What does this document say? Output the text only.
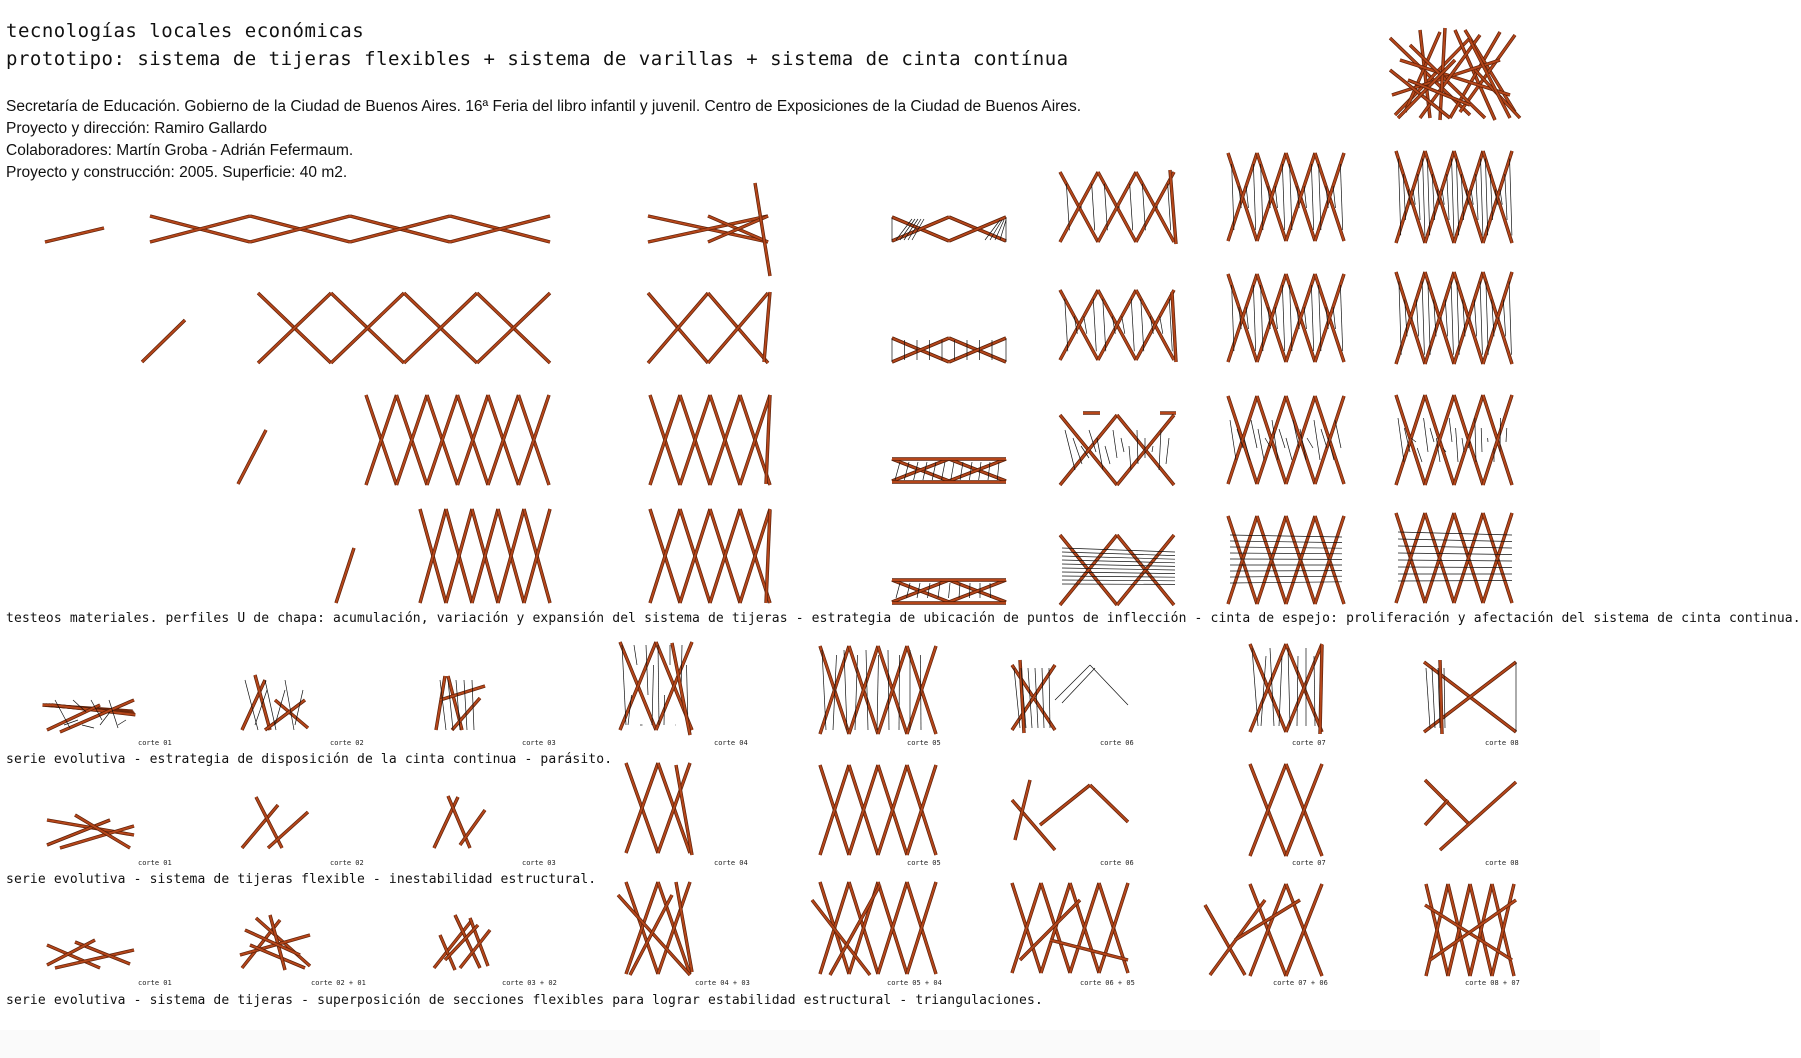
tecnologías locales económicas
prototipo: sistema de tijeras flexibles + sistema de varillas + sistema de cinta contínua
Secretaría de Educación. Gobierno de la Ciudad de Buenos Aires. 16ª Feria del libro infantil y juvenil. Centro de Exposiciones de la Ciudad de Buenos Aires.
Proyecto y dirección: Ramiro Gallardo
Colaboradores: Martín Groba - Adrián Fefermaum.
Proyecto y construcción: 2005. Superficie: 40 m2.
testeos materiales. perfiles U de chapa: acumulación, variación y expansión del sistema de tijeras - estrategia de ubicación de puntos de inflección - cinta de espejo: proliferación y afectación del sistema de cinta continua.
serie evolutiva - estrategia de disposición de la cinta continua - parásito.
serie evolutiva - sistema de tijeras flexible - inestabilidad estructural.
serie evolutiva - sistema de tijeras - superposición de secciones flexibles para lograr estabilidad estructural - triangulaciones.
corte 01	corte 02	corte 03	corte 04	corte 05	corte 06	corte 07	corte 08
corte 01	corte 02	corte 03	corte 04	corte 05	corte 06	corte 07	corte 08
corte 01	corte 02 + 01	corte 03 + 02	corte 04 + 03	corte 05 + 04	corte 06 + 05	corte 07 + 06	corte 08 + 07
